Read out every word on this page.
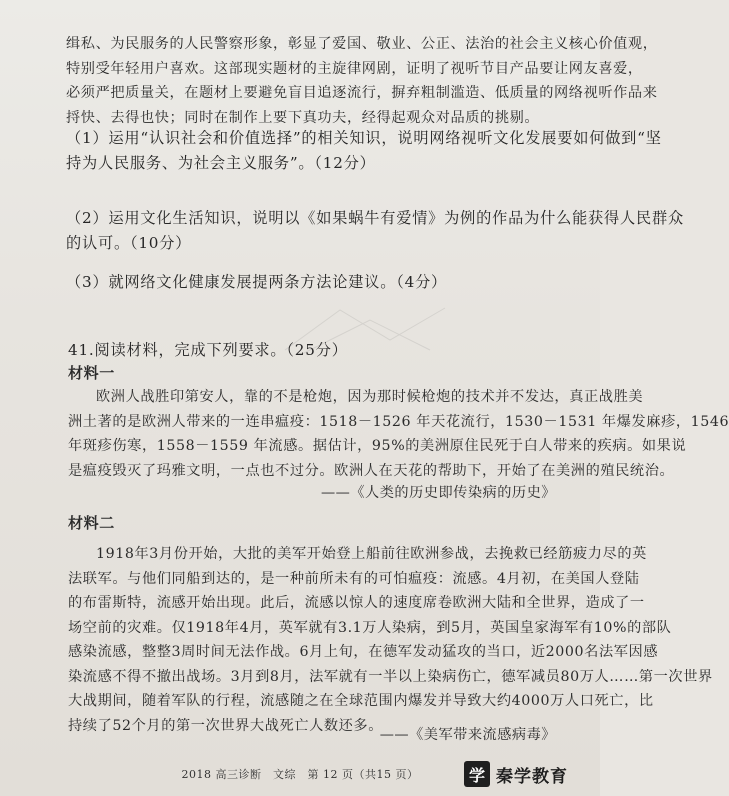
缉私、为民服务的人民警察形象，彰显了爱国、敬业、公正、法治的社会主义核心价值观，
特别受年轻用户喜欢。这部现实题材的主旋律网剧，证明了视听节目产品要让网友喜爱，
必须严把质量关，在题材上要避免盲目追逐流行，摒弃粗制滥造、低质量的网络视听作品来
捋快、去得也快；同时在制作上要下真功夫，经得起观众对品质的挑剔。
（1）运用“认识社会和价值选择”的相关知识，说明网络视听文化发展要如何做到“坚
持为人民服务、为社会主义服务”。（12分）
（2）运用文化生活知识，说明以《如果蜗牛有爱情》为例的作品为什么能获得人民群众
的认可。（10分）
（3）就网络文化健康发展提两条方法论建议。（4分）
41.阅读材料，完成下列要求。（25分）
材料一
欧洲人战胜印第安人，靠的不是枪炮，因为那时候枪炮的技术并不发达，真正战胜美
洲土著的是欧洲人带来的一连串瘟疫：1518－1526 年天花流行，1530－1531 年爆发麻疹，1546
年斑疹伤寒，1558－1559 年流感。据估计，95%的美洲原住民死于白人带来的疾病。如果说
是瘟疫毁灭了玛雅文明，一点也不过分。欧洲人在天花的帮助下，开始了在美洲的殖民统治。
——《人类的历史即传染病的历史》
材料二
1918年3月份开始，大批的美军开始登上船前往欧洲参战，去挽救已经筋疲力尽的英
法联军。与他们同船到达的，是一种前所未有的可怕瘟疫：流感。4月初，在美国人登陆
的布雷斯特，流感开始出现。此后，流感以惊人的速度席卷欧洲大陆和全世界，造成了一
场空前的灾难。仅1918年4月，英军就有3.1万人染病，到5月，英国皇家海军有10%的部队
感染流感，整整3周时间无法作战。6月上旬，在德军发动猛攻的当口，近2000名法军因感
染流感不得不撤出战场。3月到8月，法军就有一半以上染病伤亡，德军减员80万人……第一次世界
大战期间，随着军队的行程，流感随之在全球范围内爆发并导致大约4000万人口死亡，比
持续了52个月的第一次世界大战死亡人数还多。
——《美军带来流感病毒》
2018 高三诊断　文综　第 12 页（共15 页）	学 秦学教育
